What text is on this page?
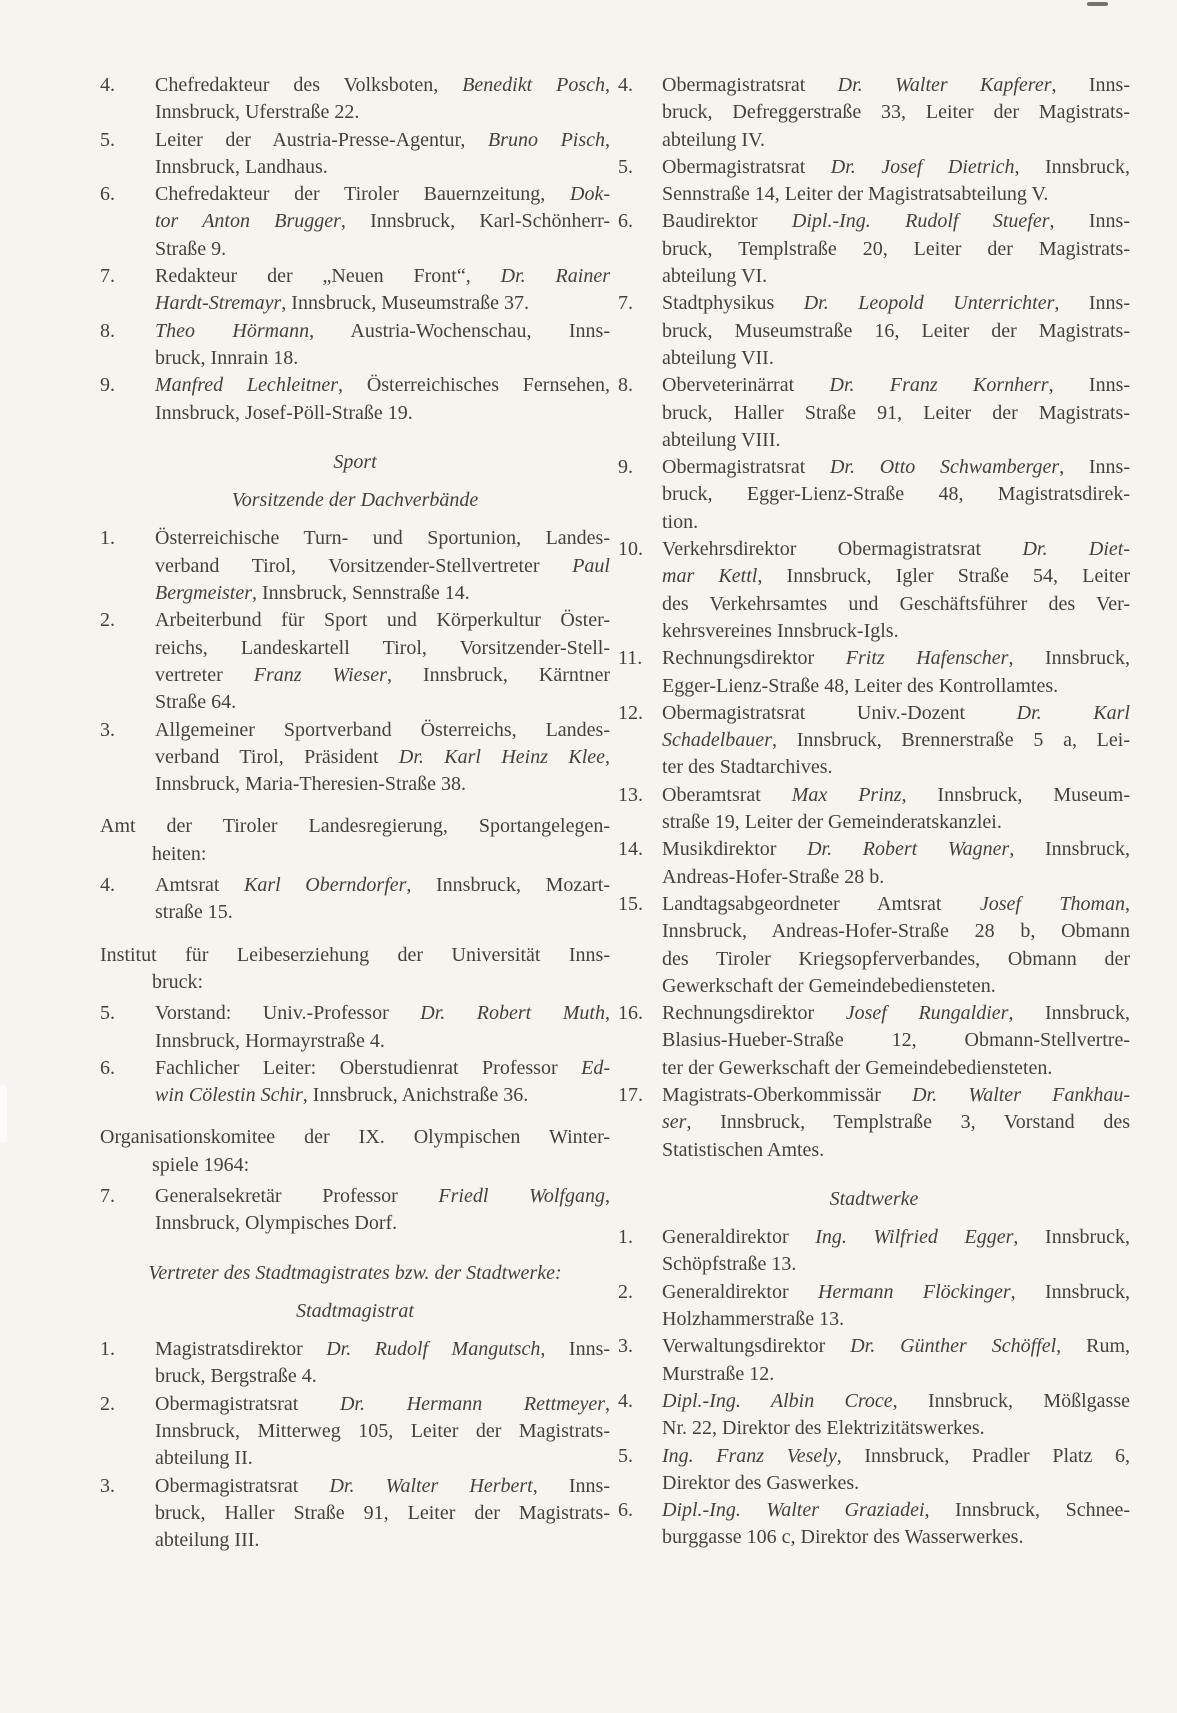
Chefredakteur des Volksboten, Benedikt Posch,
4.
Innsbruck, Uferstraße 22.
Leiter der Austria-Presse-Agentur, Bruno Pisch,
5.
Innsbruck, Landhaus.
Chefredakteur der Tiroler Bauernzeitung, Dok-
6.
tor Anton Brugger, Innsbruck, Karl-Schönherr-
Straße 9.
Redakteur der „Neuen Front“, Dr. Rainer
7.
Hardt-Stremayr, Innsbruck, Museumstraße 37.
Theo Hörmann, Austria-Wochenschau, Inns-
8.
bruck, Innrain 18.
Manfred Lechleitner, Österreichisches Fernsehen,
9.
Innsbruck, Josef-Pöll-Straße 19.
Sport
Vorsitzende der Dachverbände
Österreichische Turn- und Sportunion, Landes-
1.
verband Tirol, Vorsitzender-Stellvertreter Paul
Bergmeister, Innsbruck, Sennstraße 14.
Arbeiterbund für Sport und Körperkultur Öster-
2.
reichs, Landeskartell Tirol, Vorsitzender-Stell-
vertreter Franz Wieser, Innsbruck, Kärntner
Straße 64.
Allgemeiner Sportverband Österreichs, Landes-
3.
verband Tirol, Präsident Dr. Karl Heinz Klee,
Innsbruck, Maria-Theresien-Straße 38.
Amt der Tiroler Landesregierung, Sportangelegen-
heiten:
Amtsrat Karl Oberndorfer, Innsbruck, Mozart-
4.
straße 15.
Institut für Leibeserziehung der Universität Inns-
bruck:
Vorstand: Univ.-Professor Dr. Robert Muth,
5.
Innsbruck, Hormayrstraße 4.
Fachlicher Leiter: Oberstudienrat Professor Ed-
6.
win Cölestin Schir, Innsbruck, Anichstraße 36.
Organisationskomitee der IX. Olympischen Winter-
spiele 1964:
Generalsekretär Professor Friedl Wolfgang,
7.
Innsbruck, Olympisches Dorf.
Vertreter des Stadtmagistrates bzw. der Stadtwerke:
Stadtmagistrat
Magistratsdirektor Dr. Rudolf Mangutsch, Inns-
1.
bruck, Bergstraße 4.
Obermagistratsrat Dr. Hermann Rettmeyer,
2.
Innsbruck, Mitterweg 105, Leiter der Magistrats-
abteilung II.
Obermagistratsrat Dr. Walter Herbert, Inns-
3.
bruck, Haller Straße 91, Leiter der Magistrats-
abteilung III.
Obermagistratsrat Dr. Walter Kapferer, Inns-
4.
bruck, Defreggerstraße 33, Leiter der Magistrats-
abteilung IV.
Obermagistratsrat Dr. Josef Dietrich, Innsbruck,
5.
Sennstraße 14, Leiter der Magistratsabteilung V.
Baudirektor Dipl.-Ing. Rudolf Stuefer, Inns-
6.
bruck, Templstraße 20, Leiter der Magistrats-
abteilung VI.
Stadtphysikus Dr. Leopold Unterrichter, Inns-
7.
bruck, Museumstraße 16, Leiter der Magistrats-
abteilung VII.
Oberveterinärrat Dr. Franz Kornherr, Inns-
8.
bruck, Haller Straße 91, Leiter der Magistrats-
abteilung VIII.
Obermagistratsrat Dr. Otto Schwamberger, Inns-
9.
bruck, Egger-Lienz-Straße 48, Magistratsdirek-
tion.
Verkehrsdirektor Obermagistratsrat Dr. Diet-
10.
mar Kettl, Innsbruck, Igler Straße 54, Leiter
des Verkehrsamtes und Geschäftsführer des Ver-
kehrsvereines Innsbruck-Igls.
Rechnungsdirektor Fritz Hafenscher, Innsbruck,
11.
Egger-Lienz-Straße 48, Leiter des Kontrollamtes.
Obermagistratsrat Univ.-Dozent Dr. Karl
12.
Schadelbauer, Innsbruck, Brennerstraße 5 a, Lei-
ter des Stadtarchives.
Oberamtsrat Max Prinz, Innsbruck, Museum-
13.
straße 19, Leiter der Gemeinderatskanzlei.
Musikdirektor Dr. Robert Wagner, Innsbruck,
14.
Andreas-Hofer-Straße 28 b.
Landtagsabgeordneter Amtsrat Josef Thoman,
15.
Innsbruck, Andreas-Hofer-Straße 28 b, Obmann
des Tiroler Kriegsopferverbandes, Obmann der
Gewerkschaft der Gemeindebediensteten.
Rechnungsdirektor Josef Rungaldier, Innsbruck,
16.
Blasius-Hueber-Straße 12, Obmann-Stellvertre-
ter der Gewerkschaft der Gemeindebediensteten.
Magistrats-Oberkommissär Dr. Walter Fankhau-
17.
ser, Innsbruck, Templstraße 3, Vorstand des
Statistischen Amtes.
Stadtwerke
Generaldirektor Ing. Wilfried Egger, Innsbruck,
1.
Schöpfstraße 13.
Generaldirektor Hermann Flöckinger, Innsbruck,
2.
Holzhammerstraße 13.
Verwaltungsdirektor Dr. Günther Schöffel, Rum,
3.
Murstraße 12.
Dipl.-Ing. Albin Croce, Innsbruck, Mößlgasse
4.
Nr. 22, Direktor des Elektrizitätswerkes.
Ing. Franz Vesely, Innsbruck, Pradler Platz 6,
5.
Direktor des Gaswerkes.
Dipl.-Ing. Walter Graziadei, Innsbruck, Schnee-
6.
burggasse 106 c, Direktor des Wasserwerkes.
